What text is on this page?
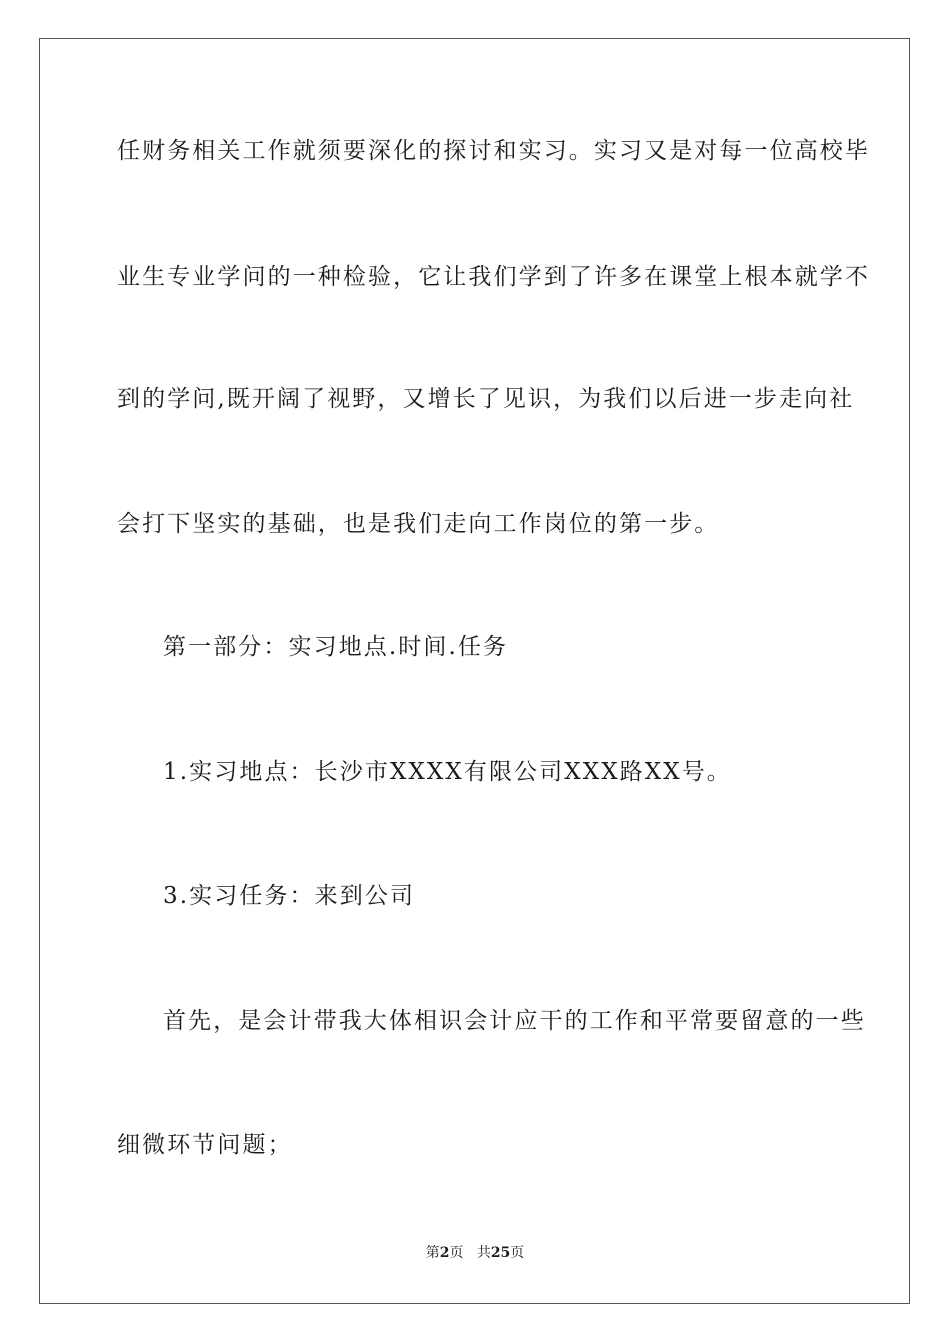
任财务相关工作就须要深化的探讨和实习。实习又是对每一位高校毕
业生专业学问的一种检验，它让我们学到了许多在课堂上根本就学不
到的学问,既开阔了视野，又增长了见识，为我们以后进一步走向社
会打下坚实的基础，也是我们走向工作岗位的第一步。
第一部分：实习地点.时间.任务
1.实习地点：长沙市XXXX有限公司XXX路XX号。
3.实习任务：来到公司
首先，是会计带我大体相识会计应干的工作和平常要留意的一些
细微环节问题；
第2页 共25页
